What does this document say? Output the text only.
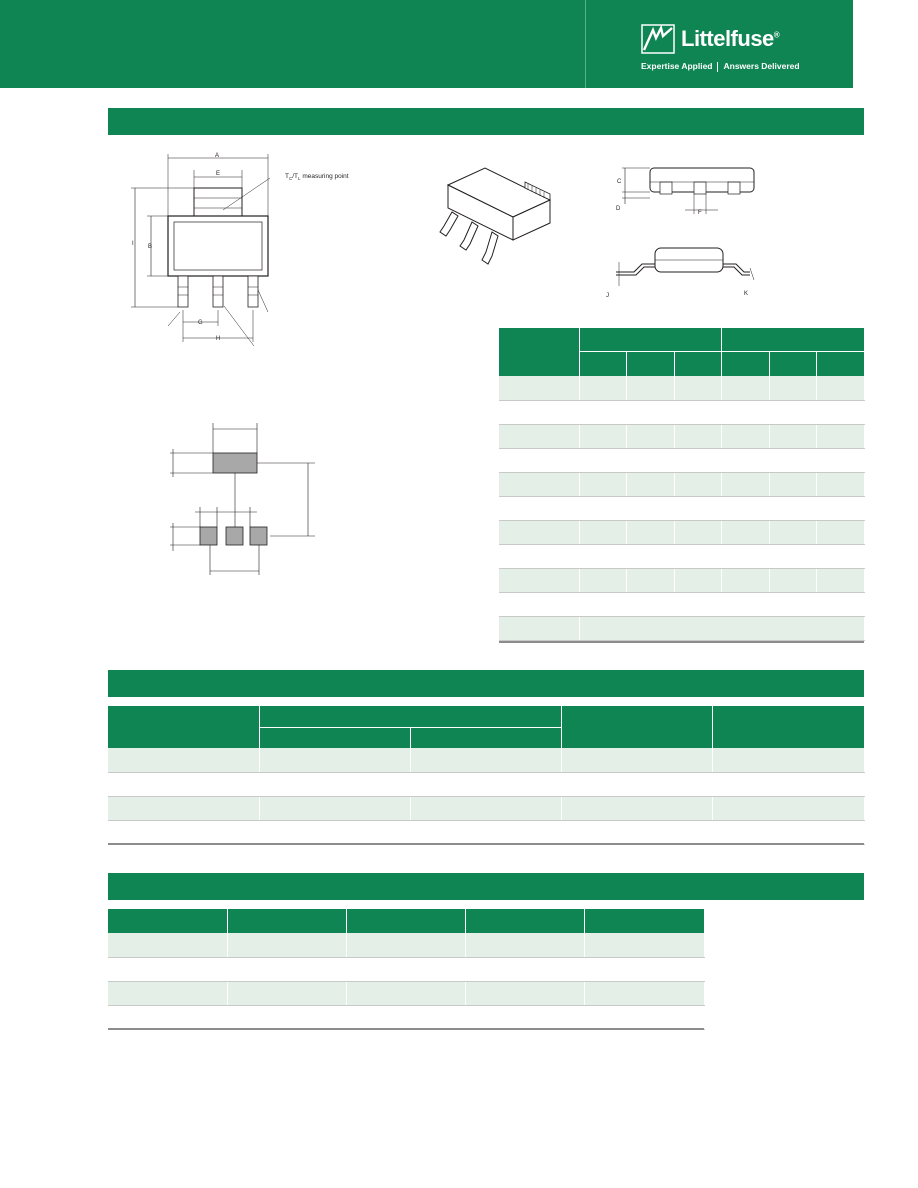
Littelfuse®
Expertise Applied Answers Delivered
A
E	$T_C/T_L$ measuring point
I B
G
H
C
D
F
J	K
